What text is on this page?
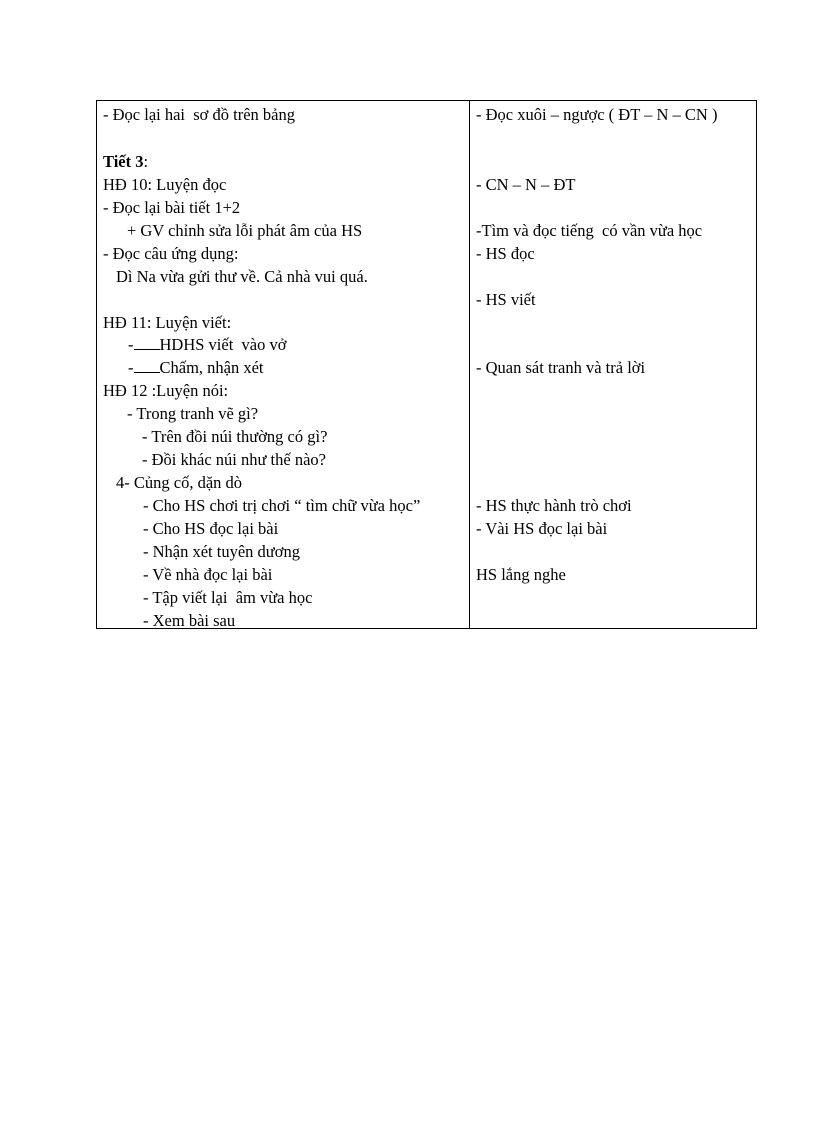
- Đọc lại hai  sơ đồ trên bảng
Tiết 3:
HĐ 10: Luyện đọc
- Đọc lại bài tiết 1+2
+ GV chỉnh sửa lỗi phát âm của HS
- Đọc câu ứng dụng:
Dì Na vừa gửi thư về. Cả nhà vui quá.
HĐ 11: Luyện viết:
- HDHS viết  vào vở
- Chấm, nhận xét
HĐ 12 :Luyện nói:
- Trong tranh vẽ gì?
- Trên đồi núi thường có gì?
- Đồi khác núi như thế nào?
4- Củng cố, dặn dò
- Cho HS chơi trị chơi “ tìm chữ vừa học”
- Cho HS đọc lại bài
- Nhận xét tuyên dương
- Về nhà đọc lại bài
- Tập viết lại  âm vừa học
- Xem bài sau
- Đọc xuôi – ngược ( ĐT – N – CN )
- CN – N – ĐT
-Tìm và đọc tiếng  có vần vừa học
- HS đọc
- HS viết
- Quan sát tranh và trả lời
- HS thực hành trò chơi
- Vài HS đọc lại bài
HS lắng nghe
